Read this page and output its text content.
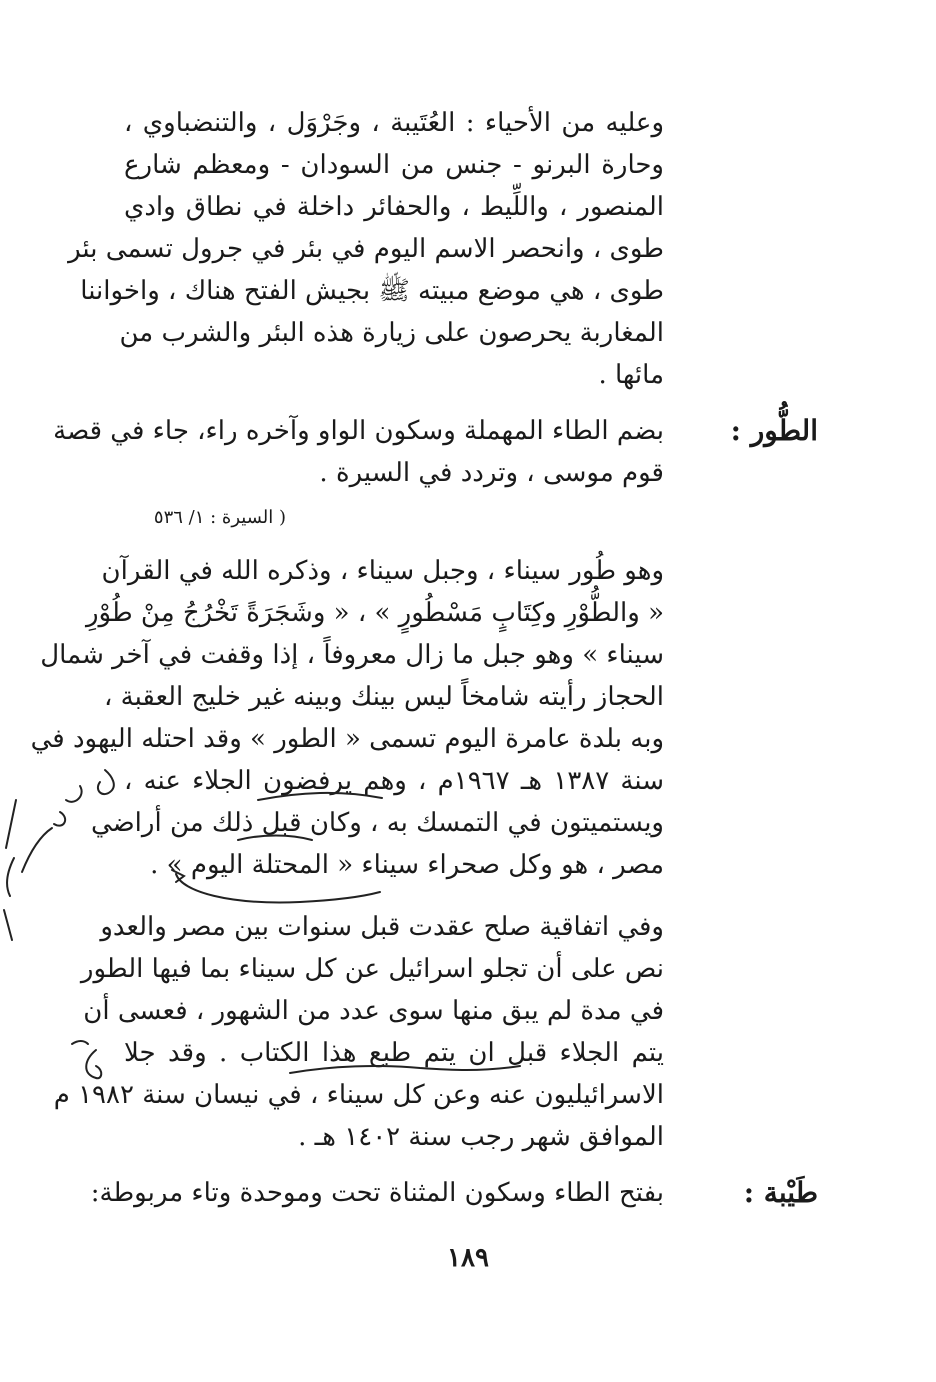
وعليه من الأحياء : العُتَيبة ، وجَرْوَل ، والتنضباوي ،
وحارة البرنو - جنس من السودان - ومعظم شارع
المنصور ، واللِّيط ، والحفائر داخلة في نطاق وادي
طوى ، وانحصر الاسم اليوم في بئر في جرول تسمى بئر
طوى ، هي موضع مبيته ﷺ بجيش الفتح هناك ، واخواننا
المغاربة يحرصون على زيارة هذه البئر والشرب من
مائها .
الطُّور :
بضم الطاء المهملة وسكون الواو وآخره راء، جاء في قصة
قوم موسى ، وتردد في السيرة .
( السيرة : ١/ ٥٣٦
وهو طُور سيناء ، وجبل سيناء ، وذكره الله في القرآن
« والطُّوْرِ وكِتَابٍ مَسْطُورٍ » ، « وشَجَرَةً تَخْرُجُ مِنْ طُوْرِ
سيناء » وهو جبل ما زال معروفاً ، إذا وقفت في آخر شمال
الحجاز رأيته شامخاً ليس بينك وبينه غير خليج العقبة ،
وبه بلدة عامرة اليوم تسمى « الطور » وقد احتله اليهود في
سنة ١٣٨٧ هـ ١٩٦٧م ، وهم يرفضون الجلاء عنه ،
ويستميتون في التمسك به ، وكان قبل ذلك من أراضي
مصر ، هو وكل صحراء سيناء « المحتلة اليوم » .
وفي اتفاقية صلح عقدت قبل سنوات بين مصر والعدو
نص على أن تجلو اسرائيل عن كل سيناء بما فيها الطور
في مدة لم يبق منها سوى عدد من الشهور ، فعسى أن
يتم الجلاء قبل ان يتم طبع هذا الكتاب . وقد جلا
الاسرائيليون عنه وعن كل سيناء ، في نيسان سنة ١٩٨٢ م
الموافق شهر رجب سنة ١٤٠٢ هـ .
طَيْبة :
بفتح الطاء وسكون المثناة تحت وموحدة وتاء مربوطة:
١٨٩
